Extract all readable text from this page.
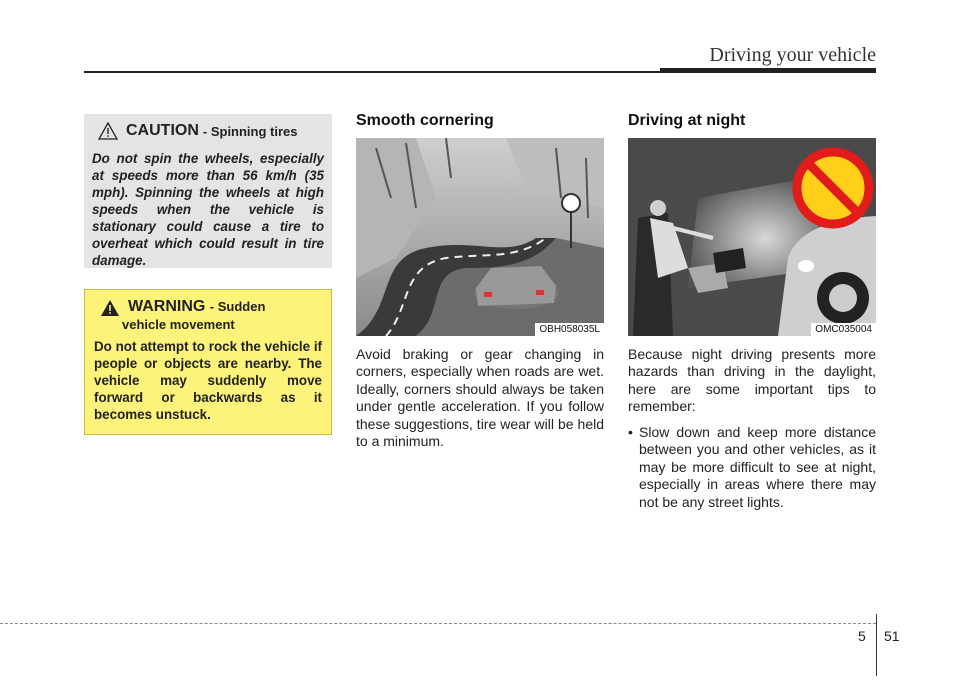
Driving your vehicle
CAUTION - Spinning tires
Do not spin the wheels, especially at speeds more than 56 km/h (35 mph). Spinning the wheels at high speeds when the vehicle is stationary could cause a tire to overheat which could result in tire damage.
WARNING - Sudden
vehicle movement
Do not attempt to rock the vehicle if people or objects are nearby. The vehicle may suddenly move forward or backwards as it becomes unstuck.
Smooth cornering
OBH058035L
Avoid braking or gear changing in corners, especially when roads are wet. Ideally, corners should always be taken under gentle acceleration. If you follow these suggestions, tire wear will be held to a minimum.
Driving at night
OMC035004
Because night driving presents more hazards than driving in the daylight, here are some important tips to remember:
• Slow down and keep more distance between you and other vehicles, as it may be more difficult to see at night, especially in areas where there may not be any street lights.
5 51
